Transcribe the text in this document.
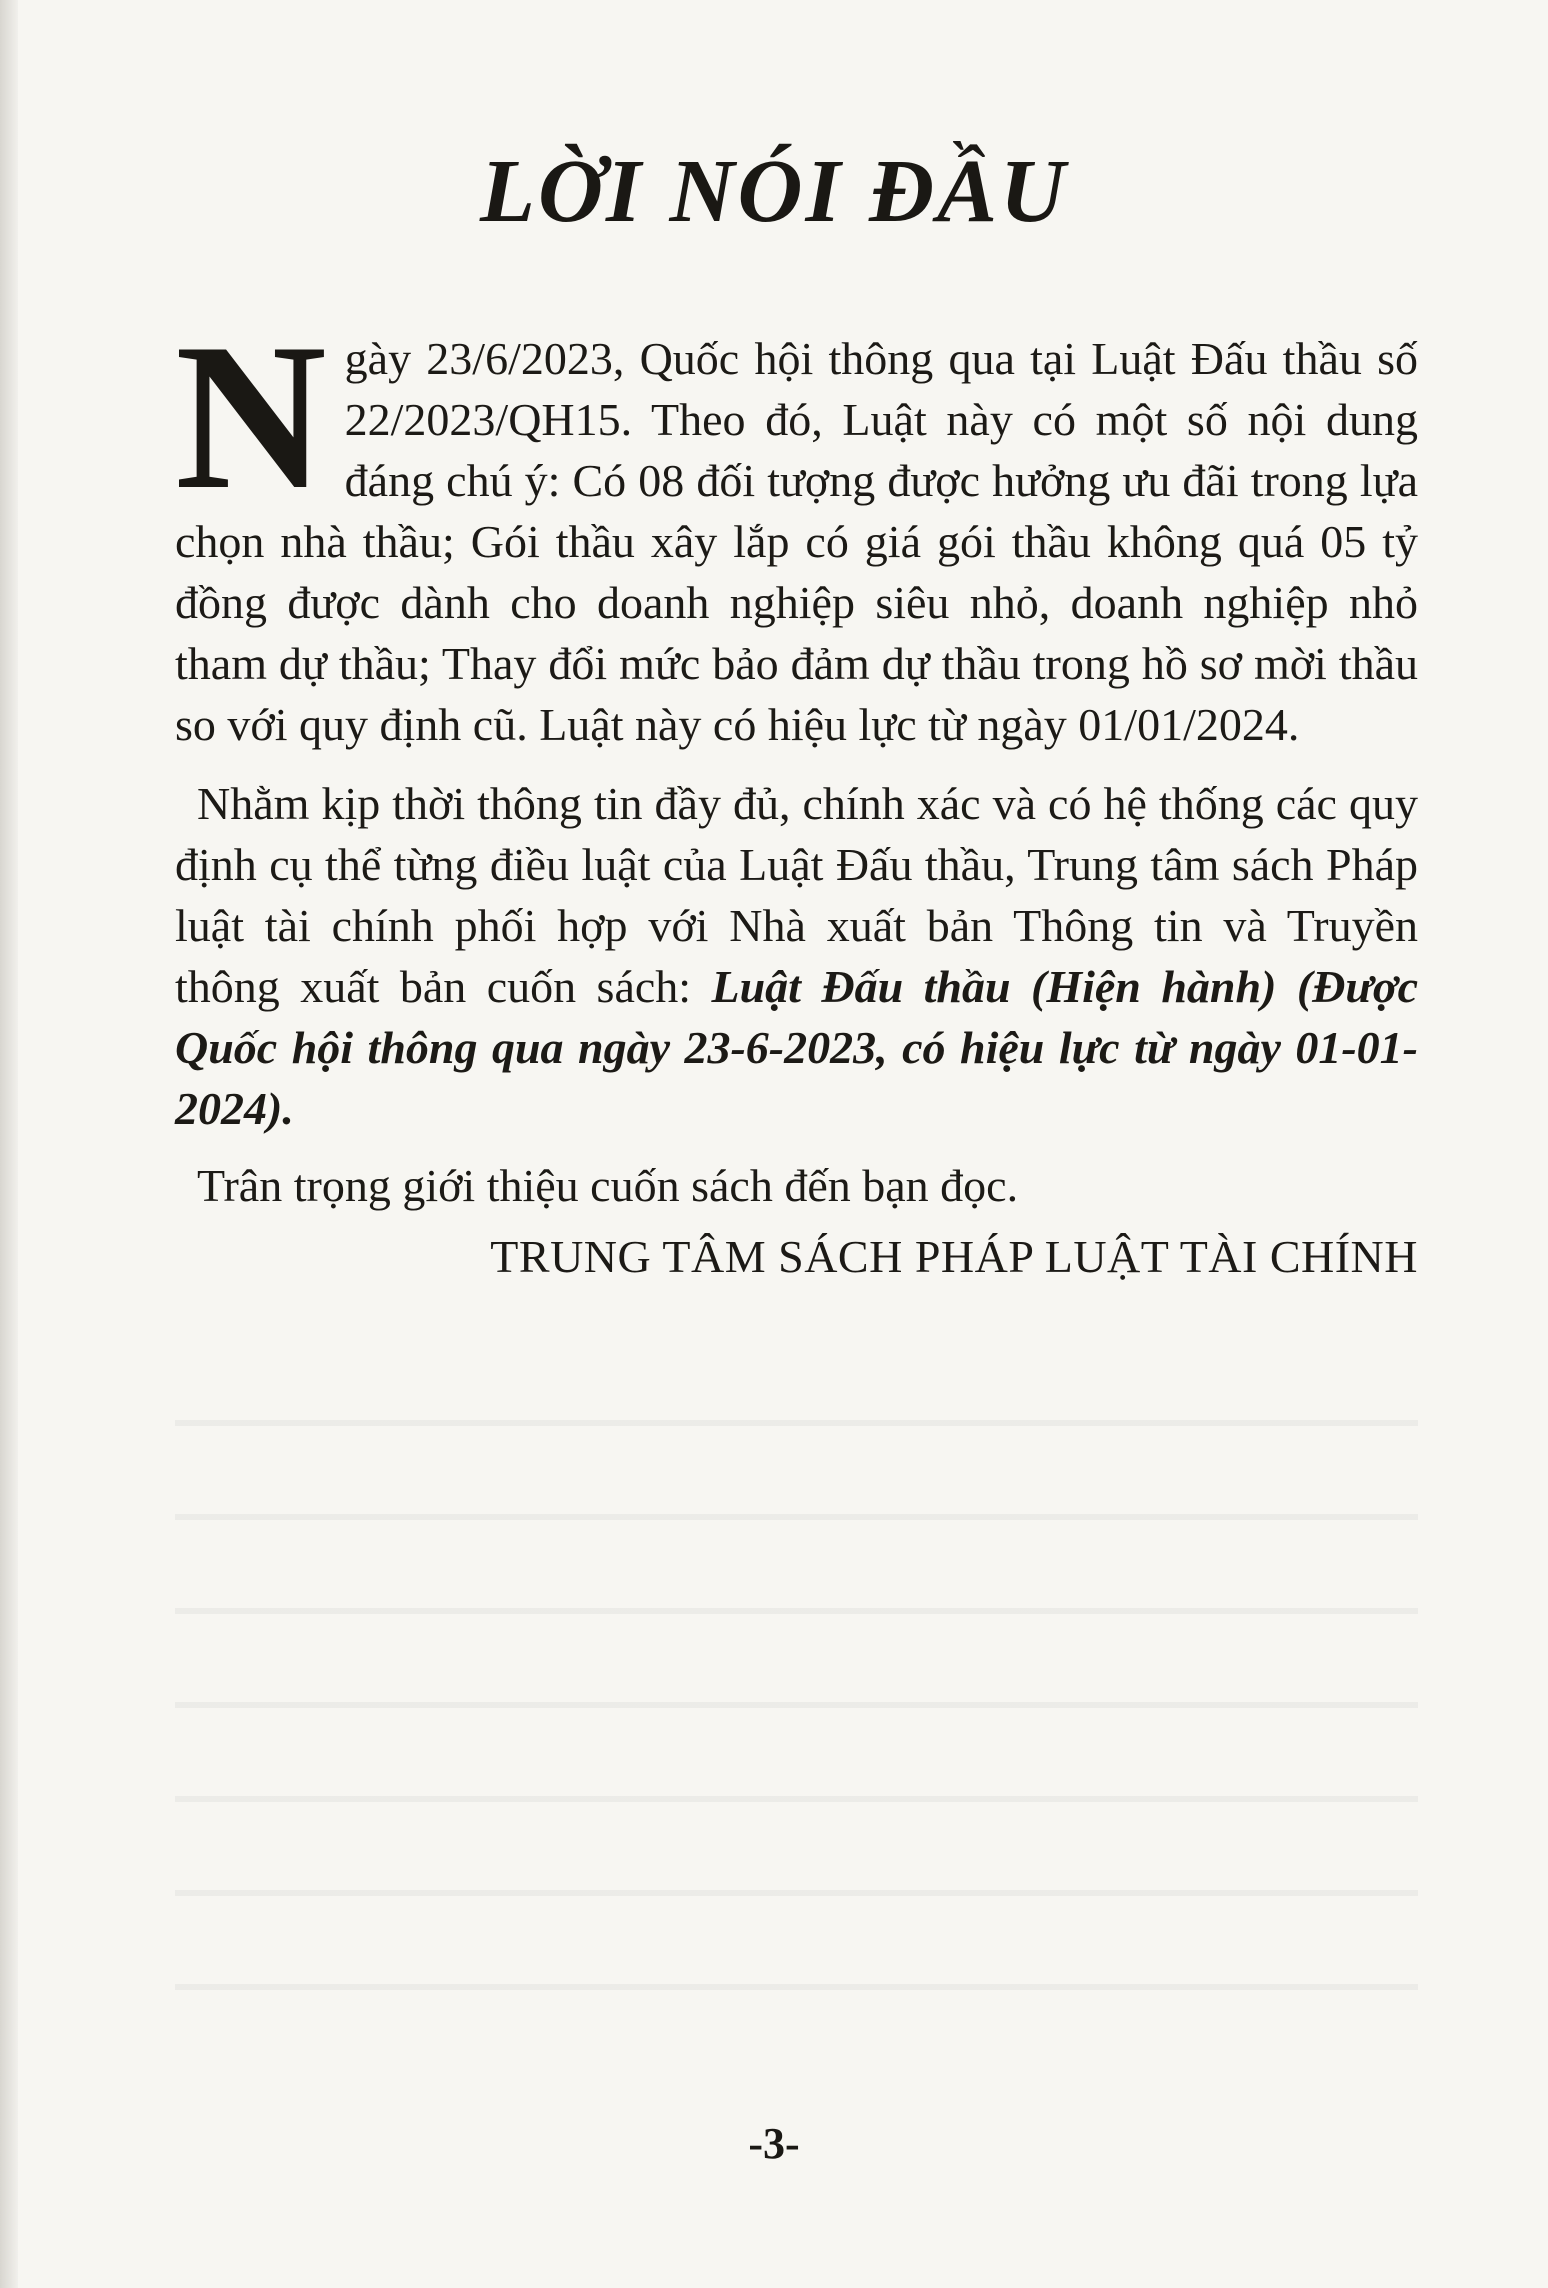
LỜI NÓI ĐẦU

Ngày 23/6/2023, Quốc hội thông qua tại Luật Đấu thầu số 22/2023/QH15. Theo đó, Luật này có một số nội dung đáng chú ý: Có 08 đối tượng được hưởng ưu đãi trong lựa chọn nhà thầu; Gói thầu xây lắp có giá gói thầu không quá 05 tỷ đồng được dành cho doanh nghiệp siêu nhỏ, doanh nghiệp nhỏ tham dự thầu; Thay đổi mức bảo đảm dự thầu trong hồ sơ mời thầu so với quy định cũ. Luật này có hiệu lực từ ngày 01/01/2024.

Nhằm kịp thời thông tin đầy đủ, chính xác và có hệ thống các quy định cụ thể từng điều luật của Luật Đấu thầu, Trung tâm sách Pháp luật tài chính phối hợp với Nhà xuất bản Thông tin và Truyền thông xuất bản cuốn sách: Luật Đấu thầu (Hiện hành) (Được Quốc hội thông qua ngày 23-6-2023, có hiệu lực từ ngày 01-01-2024).

Trân trọng giới thiệu cuốn sách đến bạn đọc.

TRUNG TÂM SÁCH PHÁP LUẬT TÀI CHÍNH

-3-
